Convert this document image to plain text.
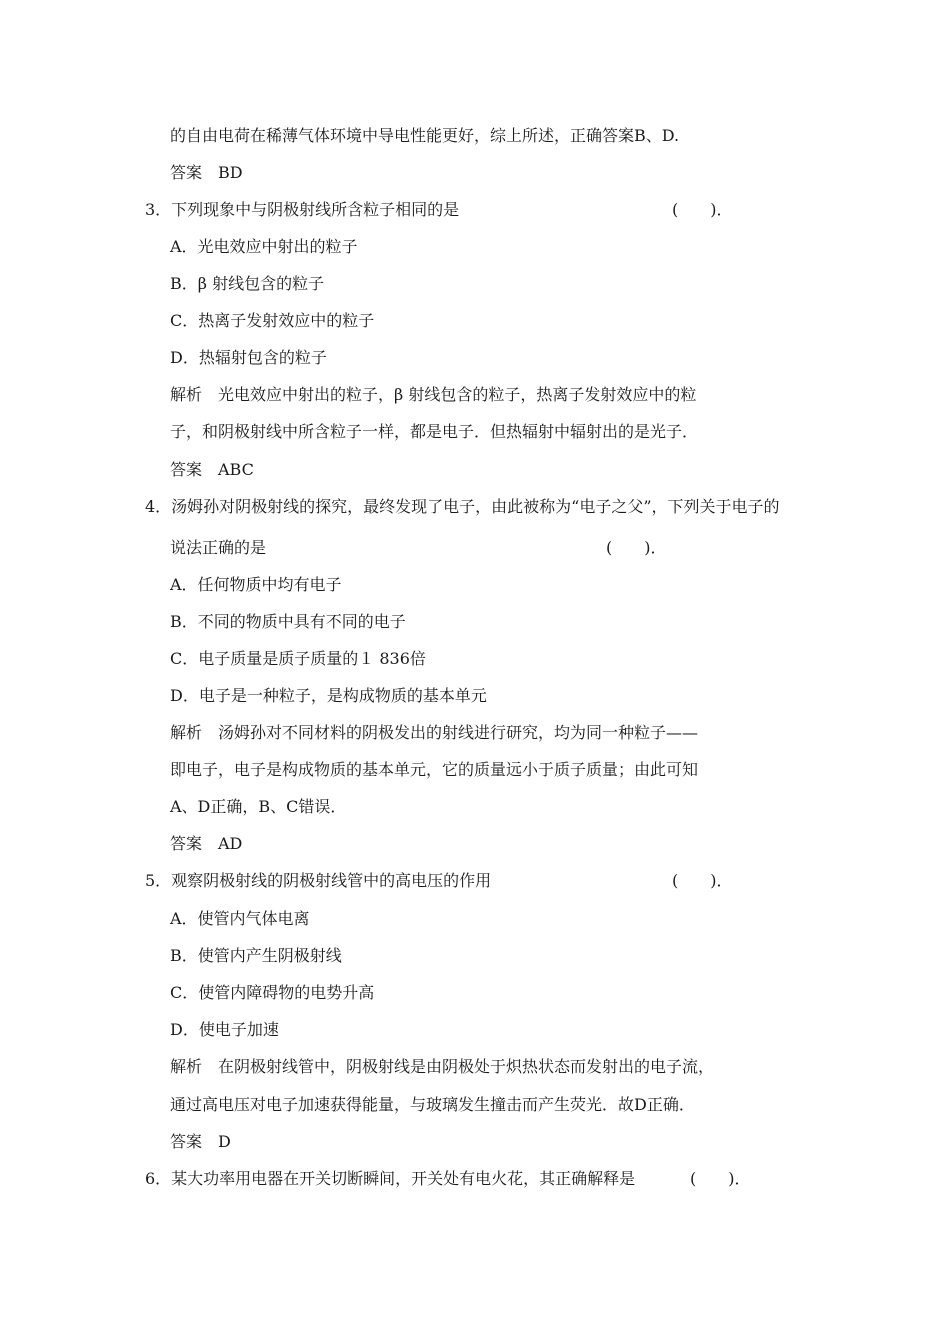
的自由电荷在稀薄气体环境中导电性能更好，综上所述，正确答案B、D.
答案　BD
3．下列现象中与阴极射线所含粒子相同的是	(　　)．
A．光电效应中射出的粒子
B．β 射线包含的粒子
C．热离子发射效应中的粒子
D．热辐射包含的粒子
解析　光电效应中射出的粒子，β 射线包含的粒子，热离子发射效应中的粒
子，和阴极射线中所含粒子一样，都是电子．但热辐射中辐射出的是光子．
答案　ABC
4．汤姆孙对阴极射线的探究，最终发现了电子，由此被称为“电子之父”，下列关于电子的
说法正确的是	(　　)．
A．任何物质中均有电子
B．不同的物质中具有不同的电子
C．电子质量是质子质量的１ 836倍
D．电子是一种粒子，是构成物质的基本单元
解析　汤姆孙对不同材料的阴极发出的射线进行研究，均为同一种粒子——
即电子，电子是构成物质的基本单元，它的质量远小于质子质量；由此可知
A、D正确，B、C错误．
答案　AD
5．观察阴极射线的阴极射线管中的高电压的作用	(　　)．
A．使管内气体电离
B．使管内产生阴极射线
C．使管内障碍物的电势升高
D．使电子加速
解析　在阴极射线管中，阴极射线是由阴极处于炽热状态而发射出的电子流，
通过高电压对电子加速获得能量，与玻璃发生撞击而产生荧光．故D正确．
答案　D
6．某大功率用电器在开关切断瞬间，开关处有电火花，其正确解释是	(　　)．
